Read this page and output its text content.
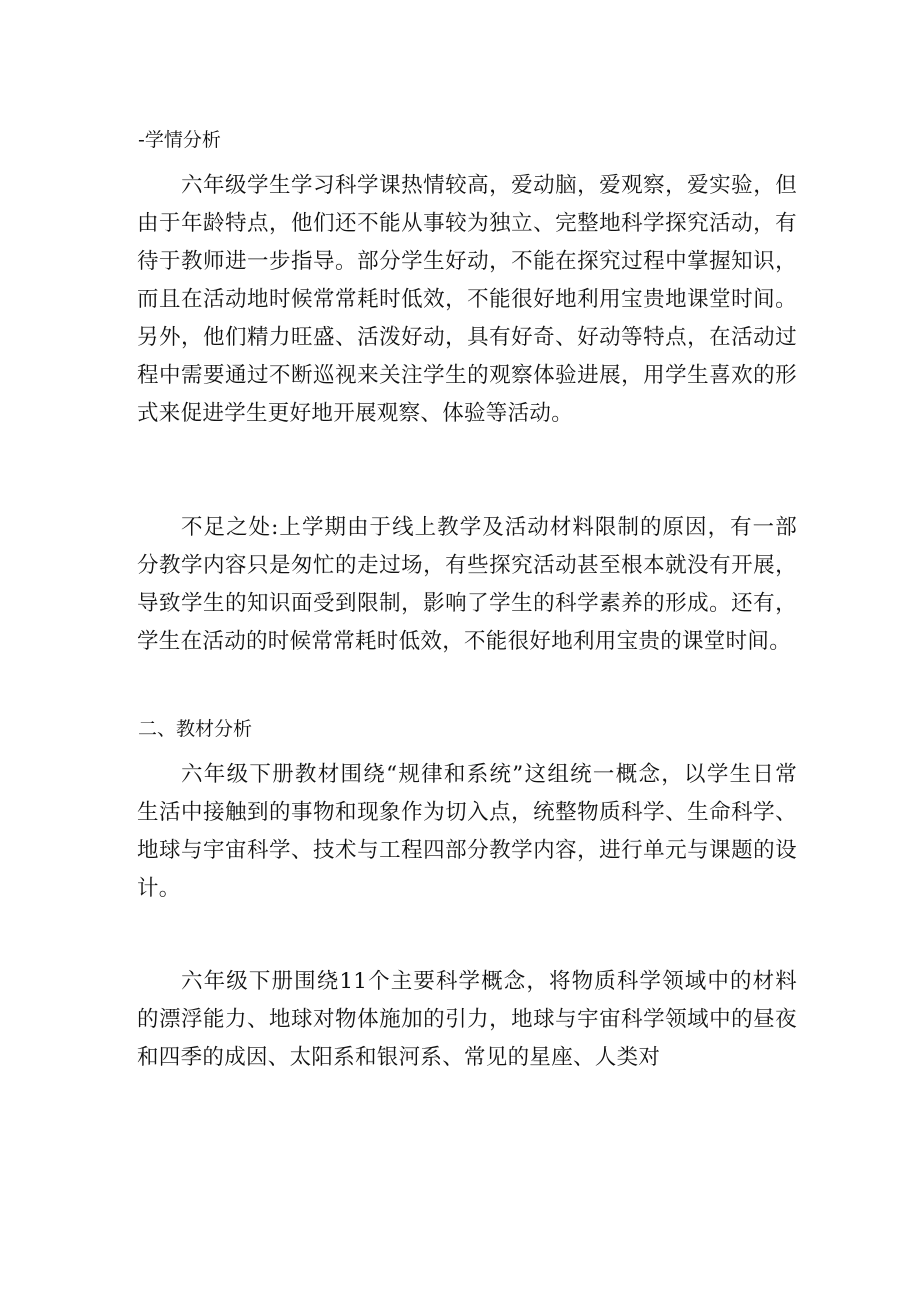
-学情分析
六年级学生学习科学课热情较高，爱动脑，爱观察，爱实验，但
由于年龄特点，他们还不能从事较为独立、完整地科学探究活动，有
待于教师进一步指导。部分学生好动，不能在探究过程中掌握知识，
而且在活动地时候常常耗时低效，不能很好地利用宝贵地课堂时间。
另外，他们精力旺盛、活泼好动，具有好奇、好动等特点，在活动过
程中需要通过不断巡视来关注学生的观察体验进展，用学生喜欢的形
式来促进学生更好地开展观察、体验等活动。
不足之处:上学期由于线上教学及活动材料限制的原因，有一部
分教学内容只是匆忙的走过场，有些探究活动甚至根本就没有开展，
导致学生的知识面受到限制，影响了学生的科学素养的形成。还有，
学生在活动的时候常常耗时低效，不能很好地利用宝贵的课堂时间。
二、教材分析
六年级下册教材围绕“规律和系统”这组统一概念，以学生日常
生活中接触到的事物和现象作为切入点，统整物质科学、生命科学、
地球与宇宙科学、技术与工程四部分教学内容，进行单元与课题的设
计。
六年级下册围绕11个主要科学概念，将物质科学领域中的材料
的漂浮能力、地球对物体施加的引力，地球与宇宙科学领域中的昼夜
和四季的成因、太阳系和银河系、常见的星座、人类对
